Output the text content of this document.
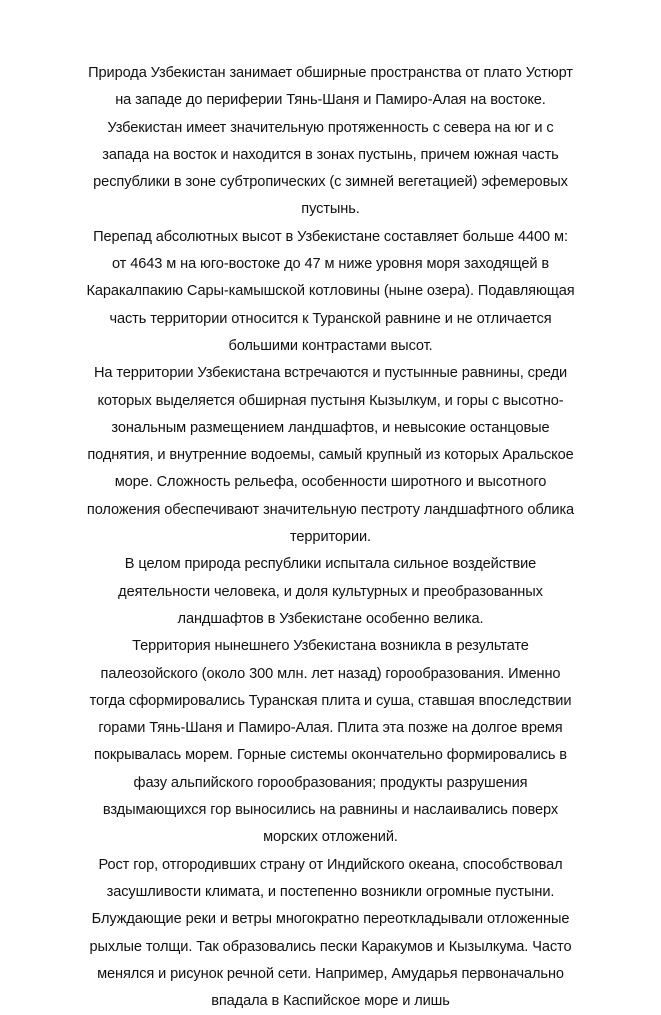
Природа Узбекистан занимает обширные пространства от плато Устюрт на западе до периферии Тянь-Шаня и Памиро-Алая на востоке. Узбекистан имеет значительную протяженность с севера на юг и с запада на восток и находится в зонах пустынь, причем южная часть республики в зоне субтропических (с зимней вегетацией) эфемеровых пустынь.

Перепад абсолютных высот в Узбекистане составляет больше 4400 м: от 4643 м на юго-востоке до 47 м ниже уровня моря заходящей в Каракалпакию Сары-камышской котловины (ныне озера). Подавляющая часть территории относится к Туранской равнине и не отличается большими контрастами высот.

На территории Узбекистана встречаются и пустынные равнины, среди которых выделяется обширная пустыня Кызылкум, и горы с высотно-зональным размещением ландшафтов, и невысокие останцовые поднятия, и внутренние водоемы, самый крупный из которых Аральское море. Сложность рельефа, особенности широтного и высотного положения обеспечивают значительную пестроту ландшафтного облика территории.

В целом природа республики испытала сильное воздействие деятельности человека, и доля культурных и преобразованных ландшафтов в Узбекистане особенно велика.

Территория нынешнего Узбекистана возникла в результате палеозойского (около 300 млн. лет назад) горообразования. Именно тогда сформировались Туранская плита и суша, ставшая впоследствии горами Тянь-Шаня и Памиро-Алая. Плита эта позже на долгое время покрывалась морем. Горные системы окончательно формировались в фазу альпийского горообразования; продукты разрушения вздымающихся гор выносились на равнины и наслаивались поверх морских отложений.

Рост гор, отгородивших страну от Индийского океана, способствовал засушливости климата, и постепенно возникли огромные пустыни. Блуждающие реки и ветры многократно переоткладывали отложенные рыхлые толщи. Так образовались пески Каракумов и Кызылкума. Часто менялся и рисунок речной сети. Например, Амударья первоначально впадала в Каспийское море и лишь
